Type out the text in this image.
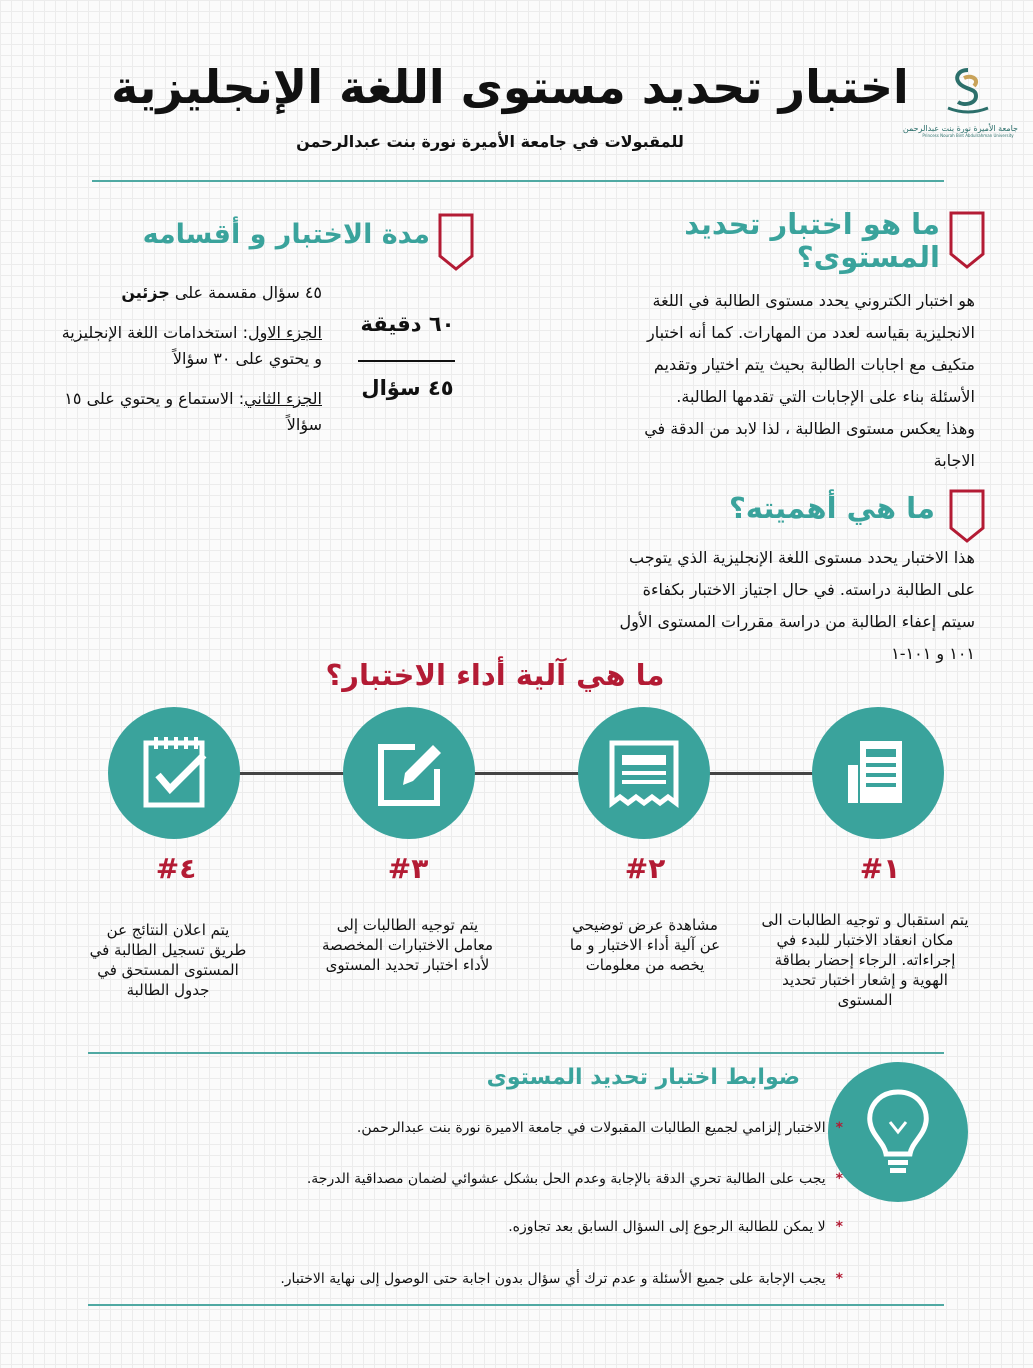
جامعة الأميرة نورة بنت عبدالرحمن
Princess Nourah Bint Abdulrahman University
اختبار تحديد مستوى اللغة الإنجليزية
للمقبولات في جامعة الأميرة نورة بنت عبدالرحمن
ما هو اختبار تحديد المستوى؟
هو اختبار الكتروني يحدد مستوى الطالبة في اللغة
الانجليزية بقياسه لعدد من المهارات. كما أنه اختبار
متكيف مع اجابات الطالبة بحيث يتم اختيار وتقديم
الأسئلة بناء على الإجابات التي تقدمها الطالبة.
وهذا يعكس مستوى الطالبة ، لذا لابد من الدقة في
الاجابة
مدة الاختبار و أقسامه
٦٠ دقيقة
٤٥ سؤال
٤٥ سؤال مقسمة على جزئين
الجزء الاول: استخدامات اللغة الإنجليزية و يحتوي على ٣٠ سؤالاً
الجزء الثاني: الاستماع و يحتوي على ١٥ سؤالاً
ما هي أهميته؟
هذا الاختبار يحدد مستوى اللغة الإنجليزية الذي يتوجب
على الطالبة دراسته. في حال اجتياز الاختبار بكفاءة
سيتم إعفاء الطالبة من دراسة مقررات المستوى الأول
١٠١ و ١٠١-١
ما هي آلية أداء الاختبار؟
#١
#٢
#٣
#٤
يتم استقبال و توجيه الطالبات الى مكان انعقاد الاختبار للبدء في إجراءاته. الرجاء إحضار بطاقة الهوية و إشعار اختبار تحديد المستوى
مشاهدة عرض توضيحي عن آلية أداء الاختبار و ما يخصه من معلومات
يتم توجيه الطالبات إلى معامل الاختبارات المخصصة لأداء اختبار تحديد المستوى
يتم اعلان النتائج عن طريق تسجيل الطالبة في المستوى المستحق في جدول الطالبة
ضوابط اختبار تحديد المستوى
*الاختبار إلزامي لجميع الطالبات المقبولات في جامعة الاميرة نورة بنت عبدالرحمن.
*يجب على الطالبة تحري الدقة بالإجابة وعدم الحل بشكل عشوائي لضمان مصداقية الدرجة.
*لا يمكن للطالبة الرجوع إلى السؤال السابق بعد تجاوزه.
*يجب الإجابة على جميع الأسئلة و عدم ترك أي سؤال بدون اجابة حتى الوصول إلى نهاية الاختبار.
